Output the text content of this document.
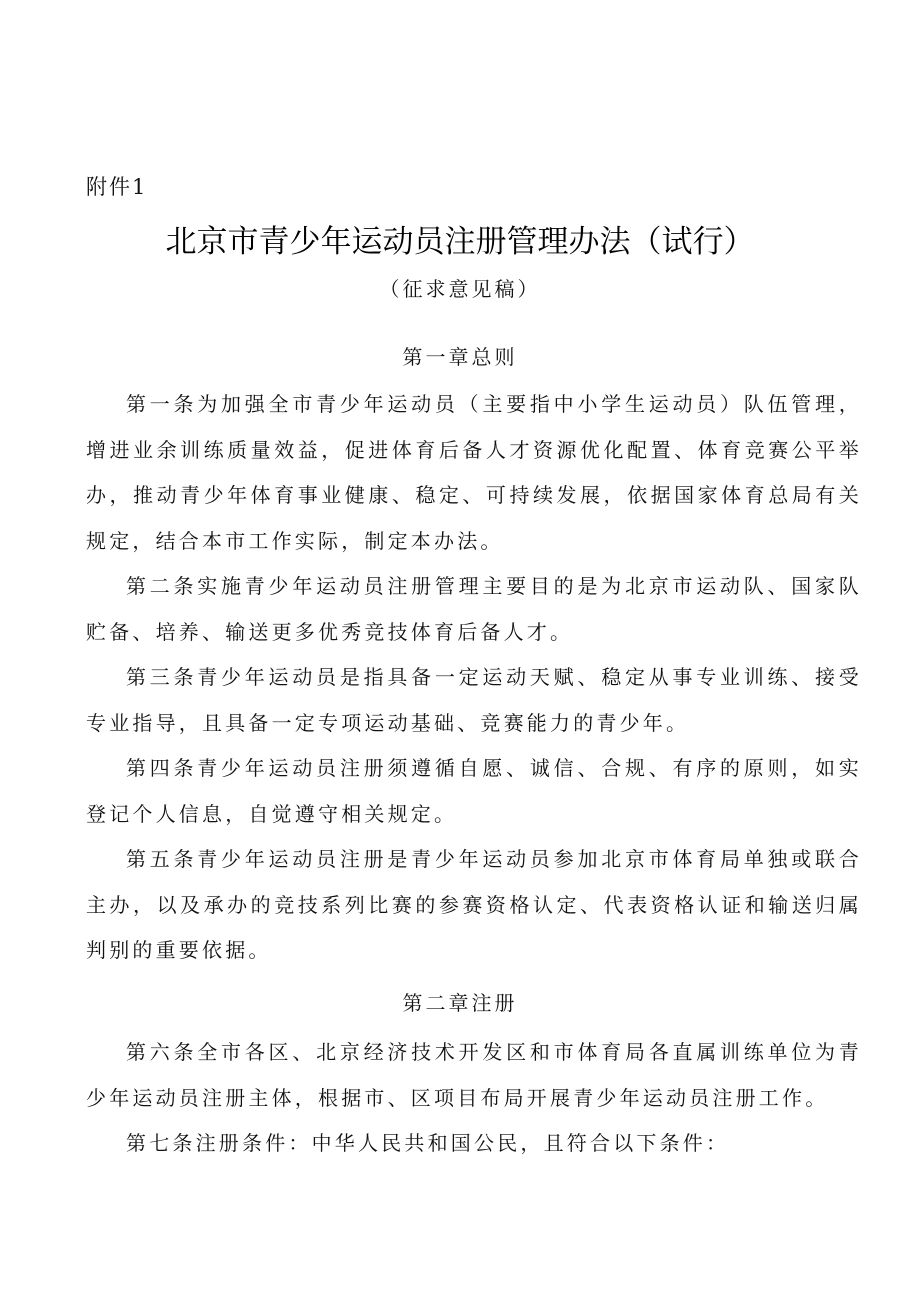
附件1
北京市青少年运动员注册管理办法（试行）
（征求意见稿）
第一章总则

第一条为加强全市青少年运动员（主要指中小学生运动员）队伍管理，增进业余训练质量效益，促进体育后备人才资源优化配置、体育竞赛公平举办，推动青少年体育事业健康、稳定、可持续发展，依据国家体育总局有关规定，结合本市工作实际，制定本办法。

第二条实施青少年运动员注册管理主要目的是为北京市运动队、国家队贮备、培养、输送更多优秀竞技体育后备人才。

第三条青少年运动员是指具备一定运动天赋、稳定从事专业训练、接受专业指导，且具备一定专项运动基础、竞赛能力的青少年。

第四条青少年运动员注册须遵循自愿、诚信、合规、有序的原则，如实登记个人信息，自觉遵守相关规定。

第五条青少年运动员注册是青少年运动员参加北京市体育局单独或联合主办，以及承办的竞技系列比赛的参赛资格认定、代表资格认证和输送归属判别的重要依据。

第二章注册

第六条全市各区、北京经济技术开发区和市体育局各直属训练单位为青少年运动员注册主体，根据市、区项目布局开展青少年运动员注册工作。

第七条注册条件：中华人民共和国公民，且符合以下条件：
